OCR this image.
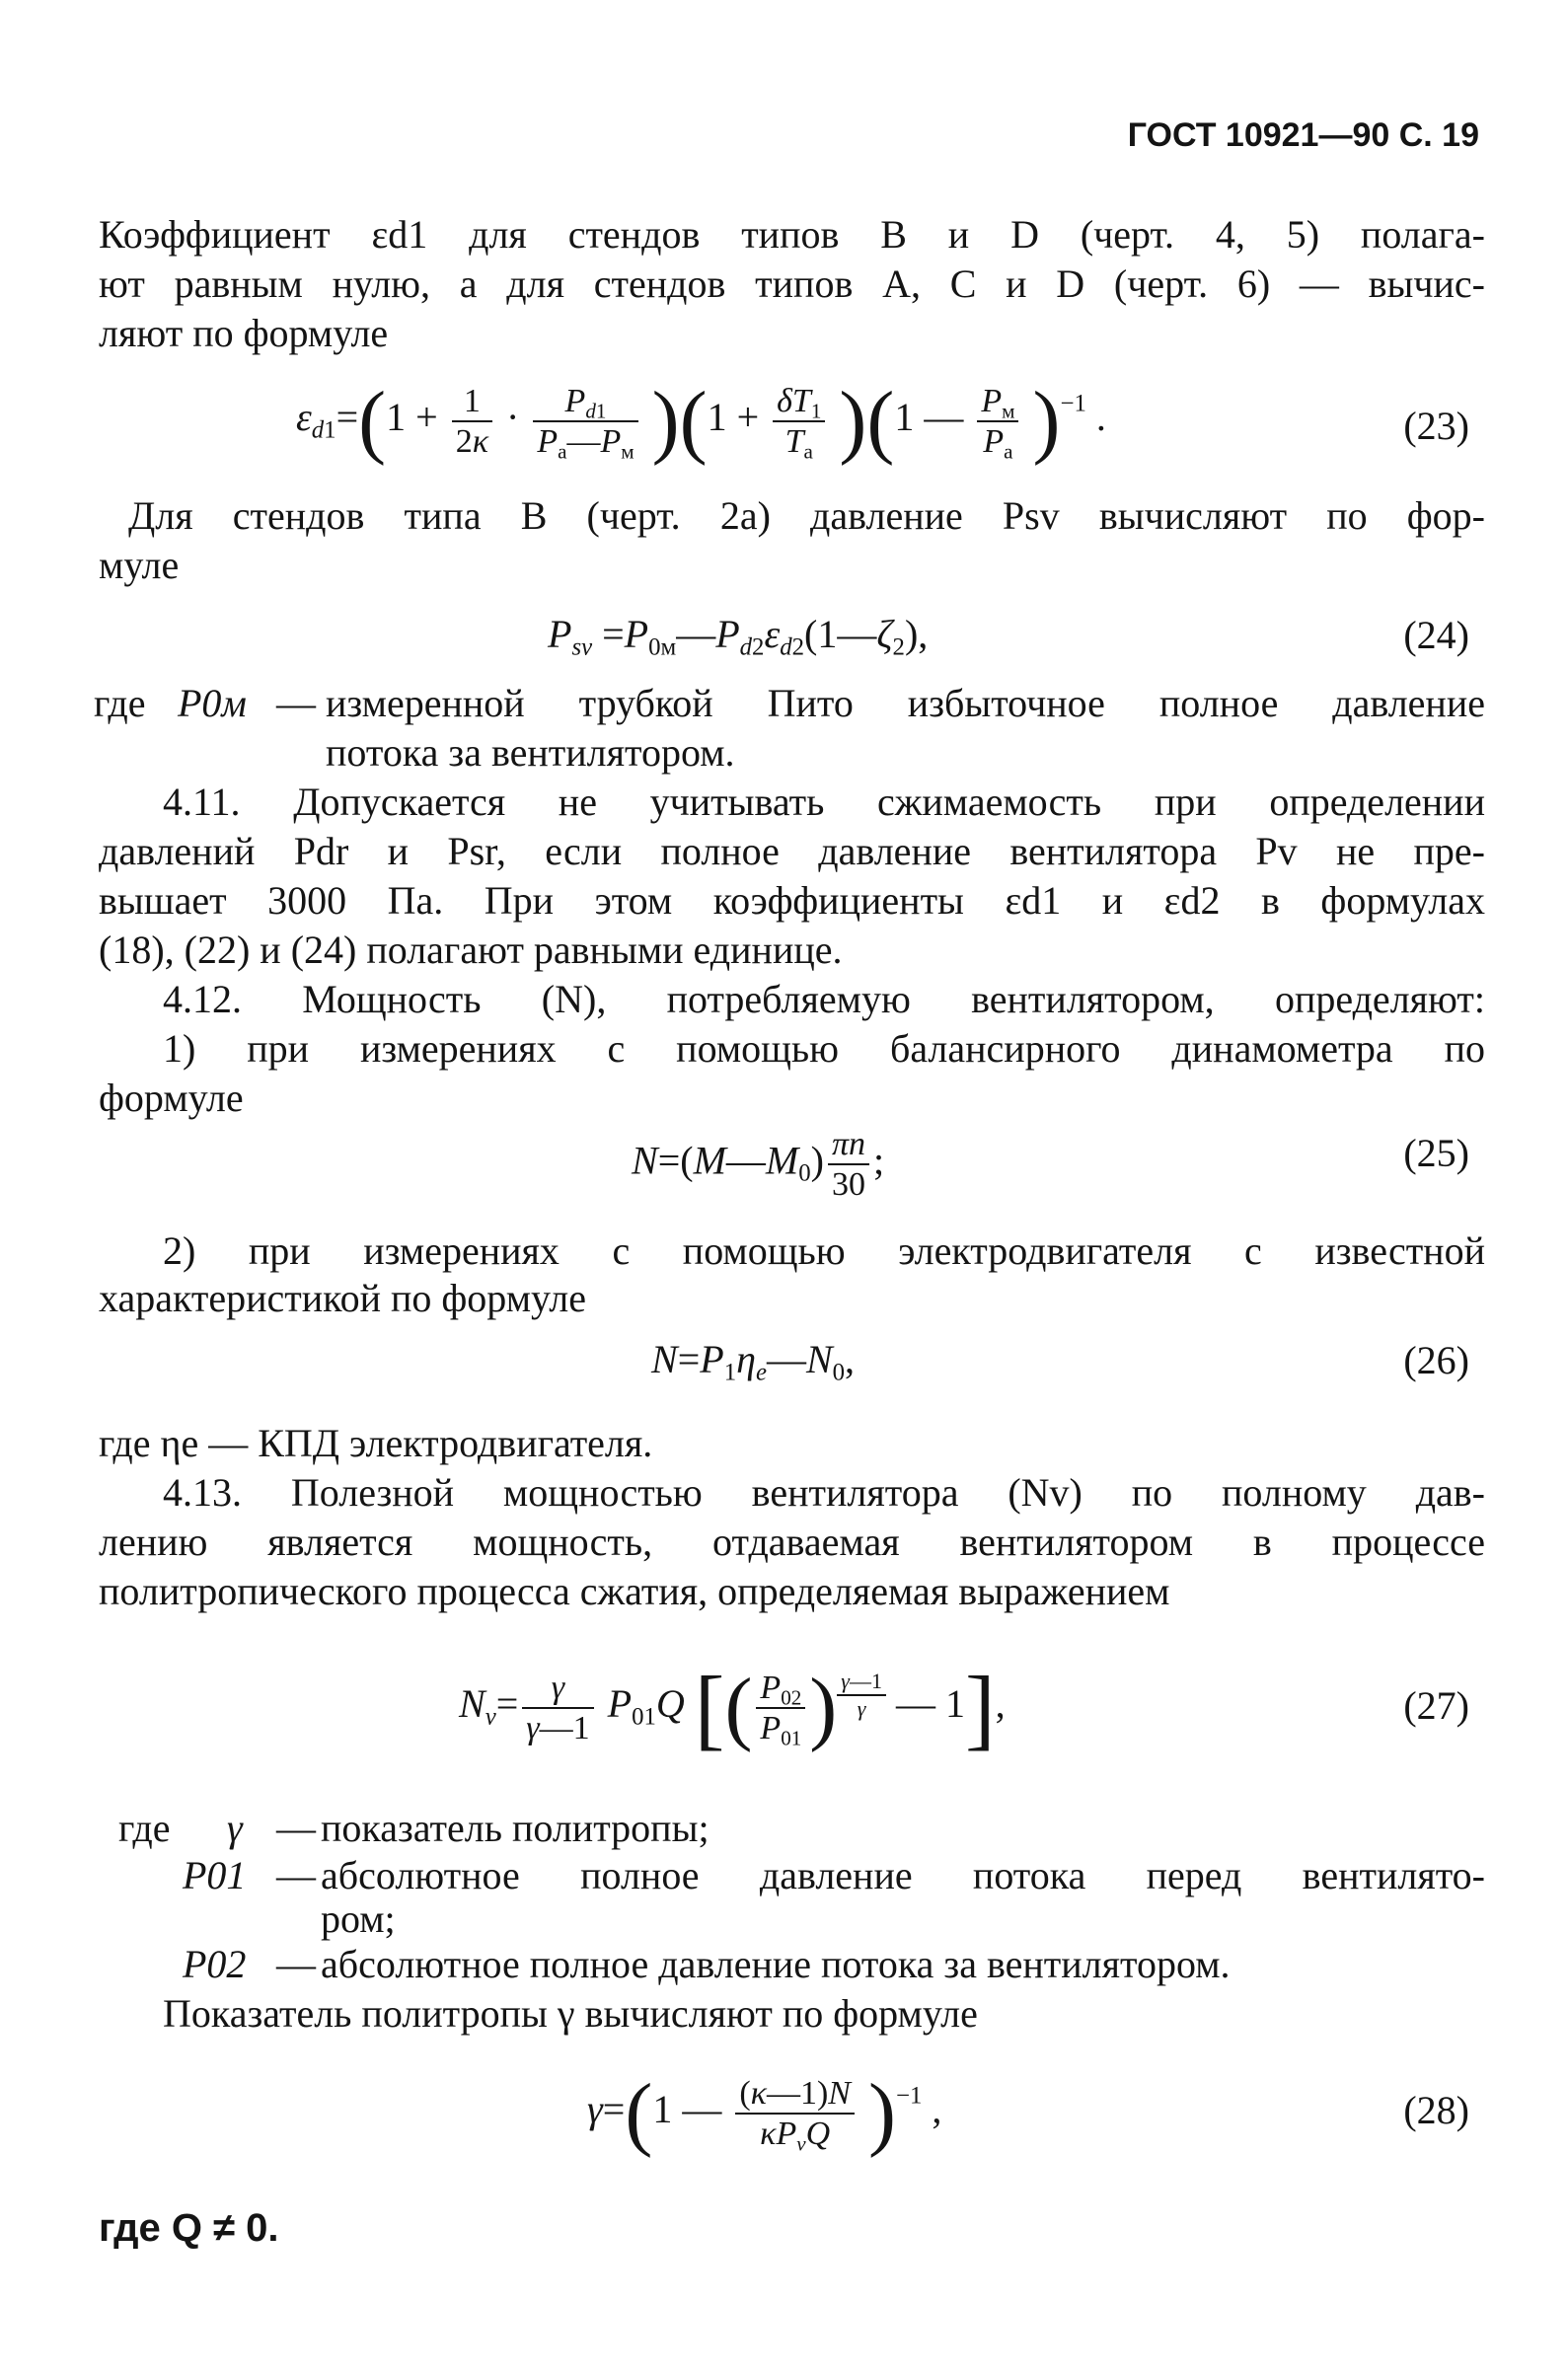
ГОСТ 10921—90 С. 19
Коэффициент εd1 для стендов типов В и D (черт. 4, 5) полага-
ют равным нулю, а для стендов типов А, С и D (черт. 6) — вычис-
ляют по формуле
$\varepsilon_{d1}=(1 + \frac{1}{2\kappa} \cdot \frac{P_{d1}}{P_а—P_м} )(1 + \frac{\delta T_1}{T_а} )(1$ — $\frac{P_м}{P_а} )^{-1}$ .	(23)
Для стендов типа В (черт. 2а) давление Psv вычисляют по фор-
муле
$P_{sv}$ $=P_{0м}—P_{d2}\varepsilon_{d2}(1—\zeta_2)$,	(24)
где P0м — измеренной трубкой Пито избыточное полное давление
потока за вентилятором.
4.11. Допускается не учитывать сжимаемость при определении
давлений Pdr и Psr, если полное давление вентилятора Pv не пре-
вышает 3000 Па. При этом коэффициенты εd1 и εd2 в формулах
(18), (22) и (24) полагают равными единице.
4.12. Мощность (N), потребляемую вентилятором, определяют:
1) при измерениях с помощью балансирного динамометра по
формуле
$N=(M—M_0) \frac{\pi n}{30}$ ;	(25)
2) при измерениях с помощью электродвигателя с известной
характеристикой по формуле
$N=P_1\eta_e—N_0$,	(26)
где ηe — КПД электродвигателя.
4.13. Полезной мощностью вентилятора (Nv) по полному дав-
лению является мощность, отдаваемая вентилятором в процессе
политропического процесса сжатия, определяемая выражением
$N_v= \frac{\gamma}{\gamma—1} P_{01}Q$ [( $\frac{P_{02}}{P_{01}}$ ) $^{\frac{\gamma—1}{\gamma}}$ — 1],	(27)
где γ — показатель политропы;
P01 — абсолютное полное давление потока перед вентилято-
ром;
P02 — абсолютное полное давление потока за вентилятором.
Показатель политропы γ вычисляют по формуле
γ=(1 — $\frac{(\kappa—1)N}{\kappa P_vQ} )^{-1}$ ,	(28)
где Q ≠ 0.
